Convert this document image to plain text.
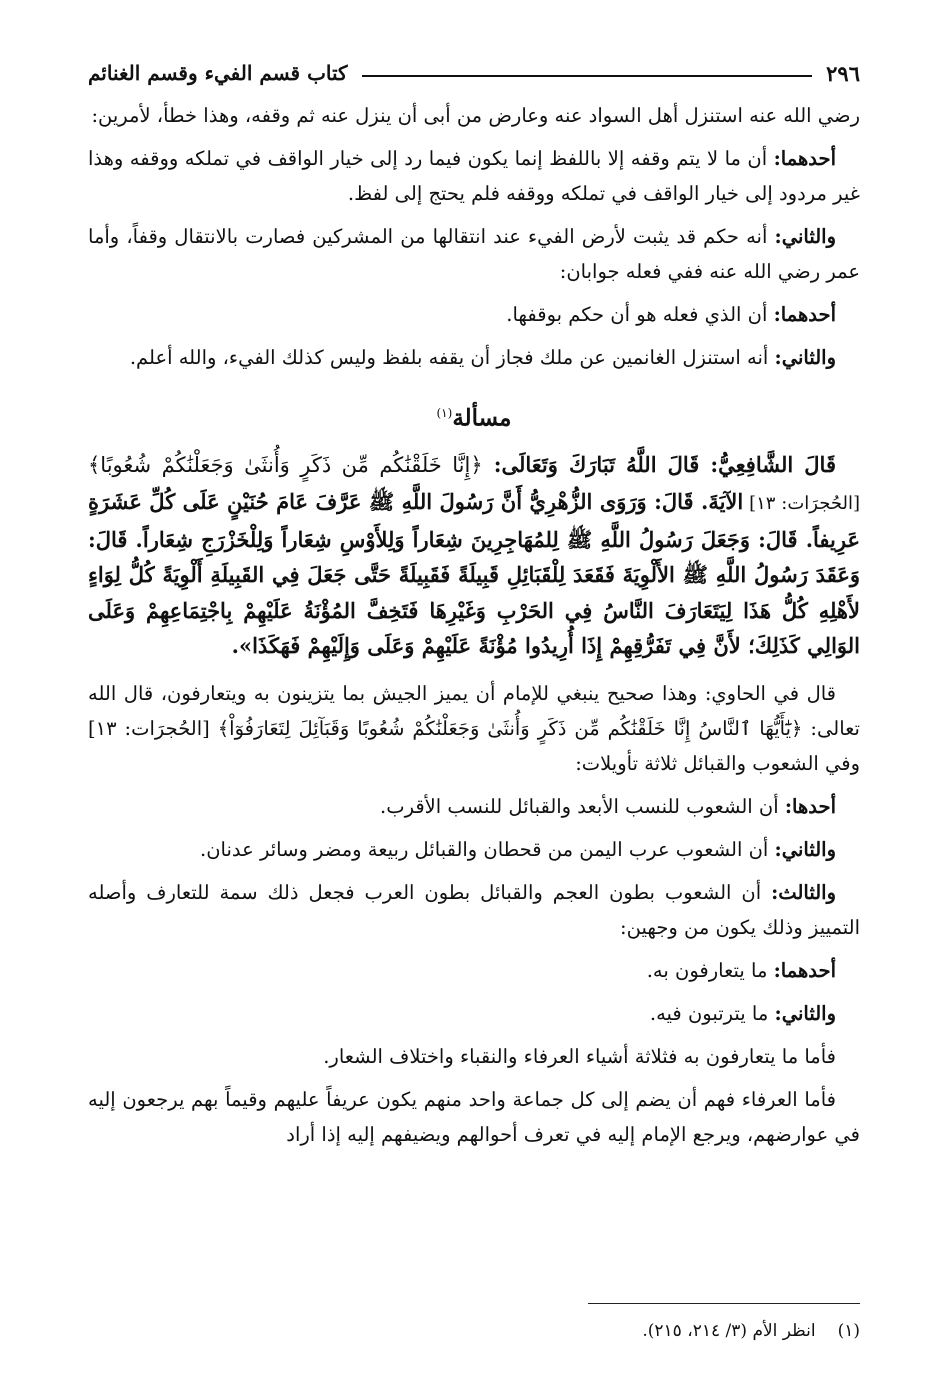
٢٩٦
كتاب قسم الفيء وقسم الغنائم

رضي الله عنه استنزل أهل السواد عنه وعارض من أبى أن ينزل عنه ثم وقفه، وهذا خطأ، لأمرين:

أحدهما: أن ما لا يتم وقفه إلا باللفظ إنما يكون فيما رد إلى خيار الواقف في تملكه ووقفه وهذا غير مردود إلى خيار الواقف في تملكه ووقفه فلم يحتج إلى لفظ.

والثاني: أنه حكم قد يثبت لأرض الفيء عند انتقالها من المشركين فصارت بالانتقال وقفاً، وأما عمر رضي الله عنه ففي فعله جوابان:

أحدهما: أن الذي فعله هو أن حكم بوقفها.

والثاني: أنه استنزل الغانمين عن ملك فجاز أن يقفه بلفظ وليس كذلك الفيء، والله أعلم.

مسألة$^{(١)}$

قَالَ الشَّافِعِيُّ: قَالَ اللَّهُ تَبَارَكَ وَتَعَالَى: ﴿إِنَّا خَلَقْنَٰكُم مِّن ذَكَرٍ وَأُنثَىٰ وَجَعَلْنَٰكُمْ شُعُوبًا﴾ [الحُجرَات: ١٣] الآيَةَ. قَالَ: وَرَوَى الزُّهْرِيُّ أَنَّ رَسُولَ اللَّهِ ﷺ عَرَّفَ عَامَ حُنَيْنٍ عَلَى كُلِّ عَشَرَةٍ عَرِيفاً. قَالَ: وَجَعَلَ رَسُولُ اللَّهِ ﷺ لِلمُهَاجِرِينَ شِعَاراً وَلِلأَوْسِ شِعَاراً وَلِلْخَزْرَجِ شِعَاراً. قَالَ: وَعَقَدَ رَسُولُ اللَّهِ ﷺ الأَلْوِيَةَ فَقَعَدَ لِلْقَبَائِلِ قَبِيلَةً فَقَبِيلَةً حَتَّى جَعَلَ فِي القَبِيلَةِ أَلْوِيَةً كُلُّ لِوَاءٍ لأَهْلِهِ كُلُّ هَذَا لِيَتَعَارَفَ النَّاسُ فِي الحَرْبِ وَغَيْرِهَا فَتَخِفَّ المُؤْنَةُ عَلَيْهِمْ بِاجْتِمَاعِهِمْ وَعَلَى الوَالِي كَذَلِكَ؛ لأَنَّ فِي تَفَرُّقِهِمْ إِذَا أُرِيدُوا مُؤْنَةً عَلَيْهِمْ وَعَلَى وَإِلَيْهِمْ فَهَكَذَا».

قال في الحاوي: وهذا صحيح ينبغي للإمام أن يميز الجيش بما يتزينون به ويتعارفون، قال الله تعالى: ﴿يَٰٓأَيُّهَا ٱلنَّاسُ إِنَّا خَلَقْنَٰكُم مِّن ذَكَرٍ وَأُنثَىٰ وَجَعَلْنَٰكُمْ شُعُوبًا وَقَبَآئِلَ لِتَعَارَفُوٓاْ﴾ [الحُجرَات: ١٣] وفي الشعوب والقبائل ثلاثة تأويلات:

أحدها: أن الشعوب للنسب الأبعد والقبائل للنسب الأقرب.

والثاني: أن الشعوب عرب اليمن من قحطان والقبائل ربيعة ومضر وسائر عدنان.

والثالث: أن الشعوب بطون العجم والقبائل بطون العرب فجعل ذلك سمة للتعارف وأصله التمييز وذلك يكون من وجهين:

أحدهما: ما يتعارفون به.

والثاني: ما يترتبون فيه.

فأما ما يتعارفون به فثلاثة أشياء العرفاء والنقباء واختلاف الشعار.

فأما العرفاء فهم أن يضم إلى كل جماعة واحد منهم يكون عريفاً عليهم وقيماً بهم يرجعون إليه في عوارضهم، ويرجع الإمام إليه في تعرف أحوالهم ويضيفهم إليه إذا أراد

(١)انظر الأم (٣/ ٢١٤، ٢١٥).
